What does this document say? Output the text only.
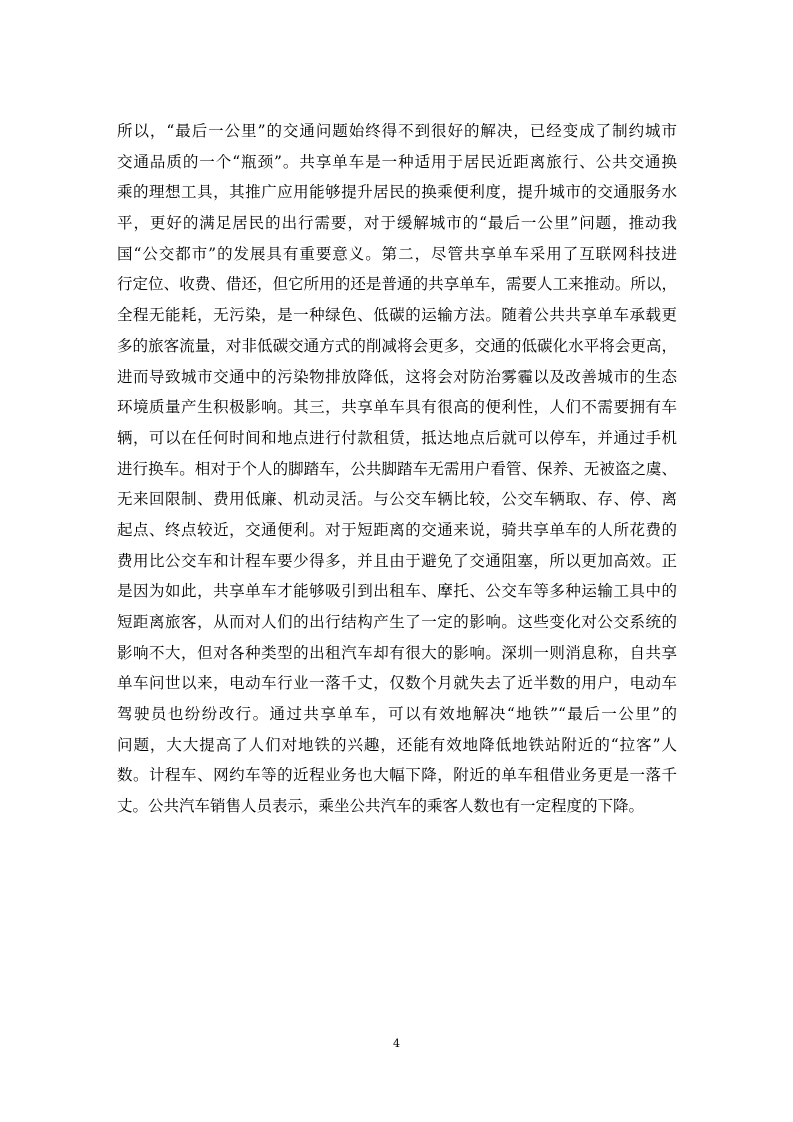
所以，“最后一公里”的交通问题始终得不到很好的解决，已经变成了制约城市
交通品质的一个“瓶颈”。共享单车是一种适用于居民近距离旅行、公共交通换
乘的理想工具，其推广应用能够提升居民的换乘便利度，提升城市的交通服务水
平，更好的满足居民的出行需要，对于缓解城市的“最后一公里”问题，推动我
国“公交都市”的发展具有重要意义。第二，尽管共享单车采用了互联网科技进
行定位、收费、借还，但它所用的还是普通的共享单车，需要人工来推动。所以，
全程无能耗，无污染，是一种绿色、低碳的运输方法。随着公共共享单车承载更
多的旅客流量，对非低碳交通方式的削减将会更多，交通的低碳化水平将会更高，
进而导致城市交通中的污染物排放降低，这将会对防治雾霾以及改善城市的生态
环境质量产生积极影响。其三，共享单车具有很高的便利性，人们不需要拥有车
辆，可以在任何时间和地点进行付款租赁，抵达地点后就可以停车，并通过手机
进行换车。相对于个人的脚踏车，公共脚踏车无需用户看管、保养、无被盗之虞、
无来回限制、费用低廉、机动灵活。与公交车辆比较，公交车辆取、存、停、离
起点、终点较近，交通便利。对于短距离的交通来说，骑共享单车的人所花费的
费用比公交车和计程车要少得多，并且由于避免了交通阻塞，所以更加高效。正
是因为如此，共享单车才能够吸引到出租车、摩托、公交车等多种运输工具中的
短距离旅客，从而对人们的出行结构产生了一定的影响。这些变化对公交系统的
影响不大，但对各种类型的出租汽车却有很大的影响。深圳一则消息称，自共享
单车问世以来，电动车行业一落千丈，仅数个月就失去了近半数的用户，电动车
驾驶员也纷纷改行。通过共享单车，可以有效地解决“地铁”“最后一公里”的
问题，大大提高了人们对地铁的兴趣，还能有效地降低地铁站附近的“拉客”人
数。计程车、网约车等的近程业务也大幅下降，附近的单车租借业务更是一落千
丈。公共汽车销售人员表示，乘坐公共汽车的乘客人数也有一定程度的下降。
4
